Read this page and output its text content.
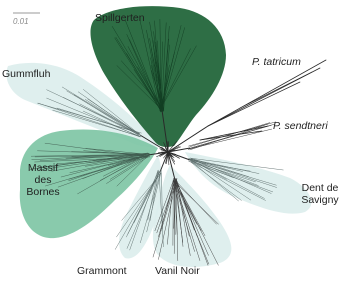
0.01	Spillgerten
P. tatricum
Gummfluh
P. sendtneri
Massif
des
Bornes	Dent de
Savigny
Grammont	Vanil Noir
